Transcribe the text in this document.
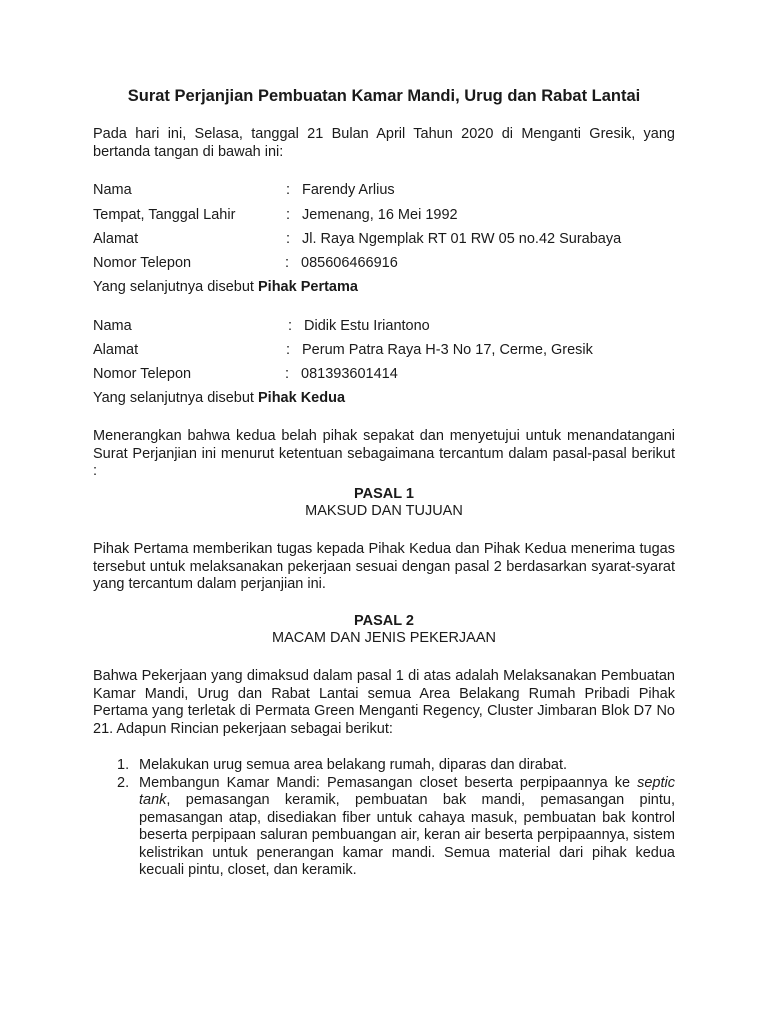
Surat Perjanjian Pembuatan Kamar Mandi, Urug dan Rabat Lantai
Pada hari ini, Selasa, tanggal 21 Bulan April Tahun 2020 di Menganti Gresik, yang bertanda tangan di bawah ini:
Nama	: Farendy Arlius
Tempat, Tanggal Lahir	: Jemenang, 16 Mei 1992
Alamat	: Jl. Raya Ngemplak RT 01 RW 05 no.42 Surabaya
Nomor Telepon	: 085606466916
Yang selanjutnya disebut Pihak Pertama
Nama	: Didik Estu Iriantono
Alamat	: Perum Patra Raya H-3 No 17, Cerme, Gresik
Nomor Telepon	: 081393601414
Yang selanjutnya disebut Pihak Kedua
Menerangkan bahwa kedua belah pihak sepakat dan menyetujui untuk menandatangani Surat Perjanjian ini menurut ketentuan sebagaimana tercantum dalam pasal-pasal berikut :
PASAL 1
MAKSUD DAN TUJUAN
Pihak Pertama memberikan tugas kepada Pihak Kedua dan Pihak Kedua menerima tugas tersebut untuk melaksanakan pekerjaan sesuai dengan pasal 2 berdasarkan syarat-syarat yang tercantum dalam perjanjian ini.
PASAL 2
MACAM DAN JENIS PEKERJAAN
Bahwa Pekerjaan yang dimaksud dalam pasal 1 di atas adalah Melaksanakan Pembuatan Kamar Mandi, Urug dan Rabat Lantai semua Area Belakang Rumah Pribadi Pihak Pertama yang terletak di Permata Green Menganti Regency, Cluster Jimbaran Blok D7 No 21. Adapun Rincian pekerjaan sebagai berikut:
1. Melakukan urug semua area belakang rumah, diparas dan dirabat.
2. Membangun Kamar Mandi: Pemasangan closet beserta perpipaannya ke septic tank, pemasangan keramik, pembuatan bak mandi, pemasangan pintu, pemasangan atap, disediakan fiber untuk cahaya masuk, pembuatan bak kontrol beserta perpipaan saluran pembuangan air, keran air beserta perpipaannya, sistem kelistrikan untuk penerangan kamar mandi. Semua material dari pihak kedua kecuali pintu, closet, dan keramik.
